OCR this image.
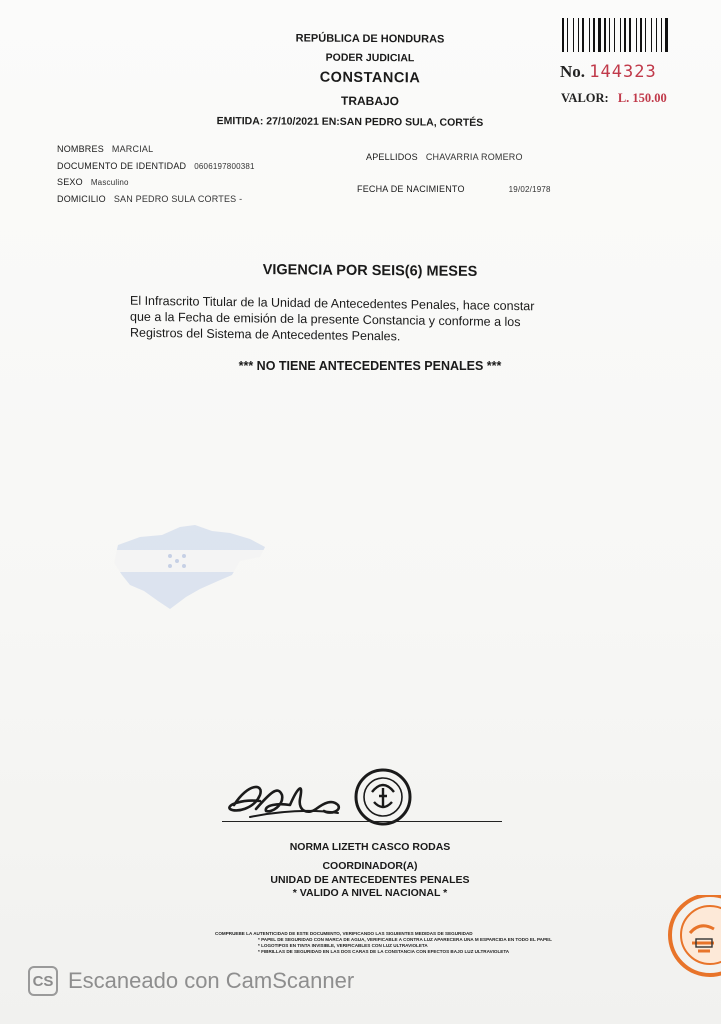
REPÚBLICA DE HONDURAS
PODER JUDICIAL
CONSTANCIA
TRABAJO
EMITIDA: 27/10/2021 EN:SAN PEDRO SULA, CORTÉS
No. 144323
VALOR: L. 150.00
NOMBRES MARCIAL
DOCUMENTO DE IDENTIDAD 0606197800381
SEXO Masculino
DOMICILIO SAN PEDRO SULA CORTES -
APELLIDOS CHAVARRIA ROMERO
FECHA DE NACIMIENTO	19/02/1978
VIGENCIA POR SEIS(6) MESES
El Infrascrito Titular de la Unidad de Antecedentes Penales, hace constar
que a la Fecha de emisión de la presente Constancia y conforme a los
Registros del Sistema de Antecedentes Penales.
*** NO TIENE ANTECEDENTES PENALES ***
NORMA LIZETH CASCO RODAS
COORDINADOR(A)
UNIDAD DE ANTECEDENTES PENALES
* VALIDO A NIVEL NACIONAL *
COMPRUEBE LA AUTENTICIDAD DE ESTE DOCUMENTO, VERIFICANDO LAS SIGUIENTES MEDIDAS DE SEGURIDAD
* PAPEL DE SEGURIDAD CON MARCA DE AGUA, VERIFICABLE A CONTRA LUZ APARECERA UNA M ESPARCIDA EN TODO EL PAPEL
* LOGOTIPOS EN TINTA INVISIBLE, VERIFICABLES CON LUZ ULTRAVIOLETA
* FIBRILLAS DE SEGURIDAD EN LAS DOS CARAS DE LA CONSTANCIA CON EFECTOS BAJO LUZ ULTRAVIOLETA
CS Escaneado con CamScanner
